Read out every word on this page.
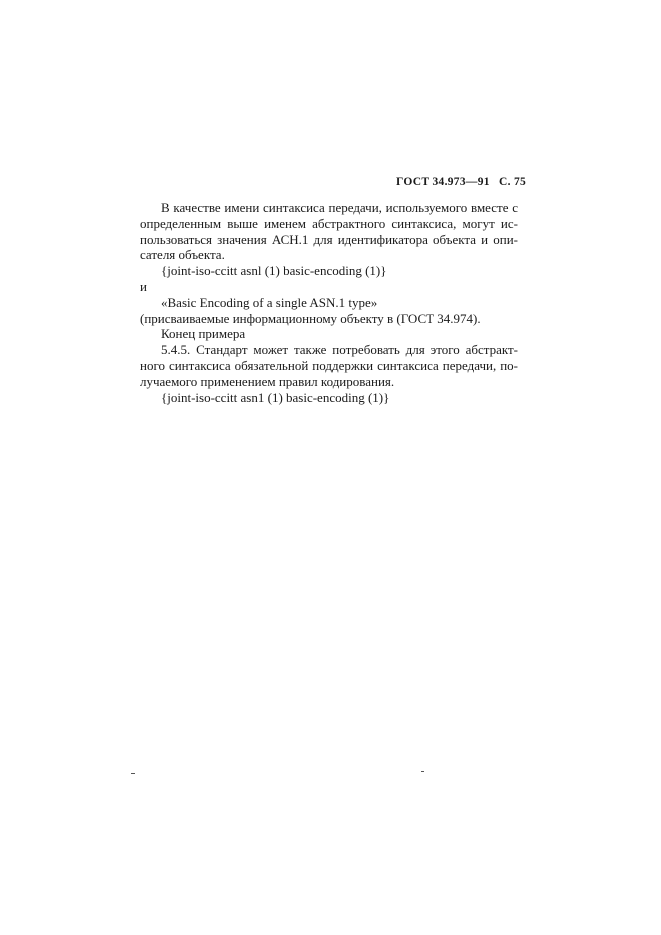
ГОСТ 34.973—91 С. 75
В качестве имени синтаксиса передачи, используемого вместе с
определенным выше именем абстрактного синтаксиса, могут ис-
пользоваться значения АСН.1 для идентификатора объекта и опи-
сателя объекта.
{joint-iso-ccitt asnl (1) basic-encoding (1)}
и
«Basic Encoding of a single ASN.1 type»
(присваиваемые информационному объекту в (ГОСТ 34.974).
Конец примера
5.4.5. Стандарт может также потребовать для этого абстракт-
ного синтаксиса обязательной поддержки синтаксиса передачи, по-
лучаемого применением правил кодирования.
{joint-iso-ccitt asn1 (1) basic-encoding (1)}
